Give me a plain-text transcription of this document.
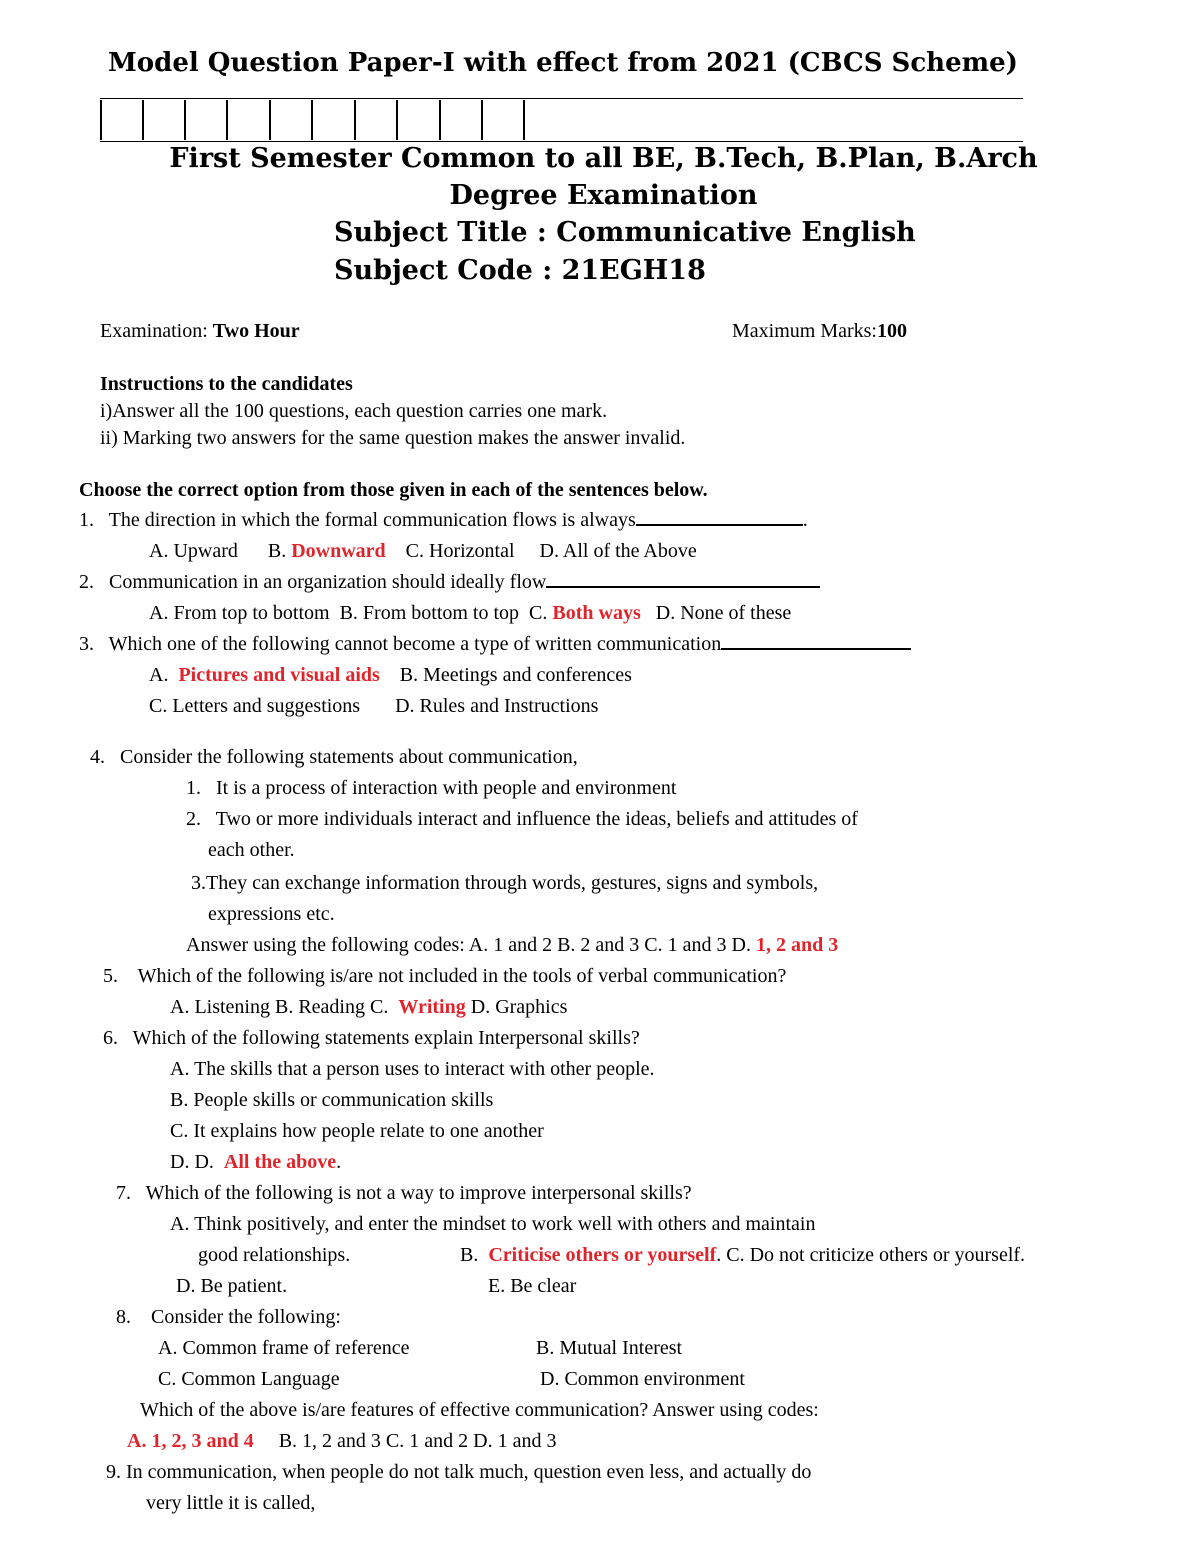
Model Question Paper-I with effect from 2021 (CBCS Scheme)
First Semester Common to all BE, B.Tech, B.Plan, B.Arch
Degree Examination
Subject Title : Communicative English
Subject Code : 21EGH18
Examination: Two Hour	Maximum Marks:100
Instructions to the candidates
i)Answer all the 100 questions, each question carries one mark.
ii) Marking two answers for the same question makes the answer invalid.
Choose the correct option from those given in each of the sentences below.
1. The direction in which the formal communication flows is always	.
A. Upward B. Downward C. Horizontal D. All of the Above
2. Communication in an organization should ideally flow
A. From top to bottom B. From bottom to top C. Both ways D. None of these
3. Which one of the following cannot become a type of written communication
A. Pictures and visual aids B. Meetings and conferences
C. Letters and suggestions D. Rules and Instructions
4. Consider the following statements about communication,
1. It is a process of interaction with people and environment
2. Two or more individuals interact and influence the ideas, beliefs and attitudes of
each other.
3.They can exchange information through words, gestures, signs and symbols,
expressions etc.
Answer using the following codes: A. 1 and 2 B. 2 and 3 C. 1 and 3 D. 1, 2 and 3
5. Which of the following is/are not included in the tools of verbal communication?
A. Listening B. Reading C. Writing D. Graphics
6. Which of the following statements explain Interpersonal skills?
A. The skills that a person uses to interact with other people.
B. People skills or communication skills
C. It explains how people relate to one another
D. D. All the above.
7. Which of the following is not a way to improve interpersonal skills?
A. Think positively, and enter the mindset to work well with others and maintain
good relationships.	B. Criticise others or yourself. C. Do not criticize others or yourself.
D. Be patient.	E. Be clear
8. Consider the following:
A. Common frame of reference	B. Mutual Interest
C. Common Language	D. Common environment
Which of the above is/are features of effective communication? Answer using codes:
A. 1, 2, 3 and 4 B. 1, 2 and 3 C. 1 and 2 D. 1 and 3
9. In communication, when people do not talk much, question even less, and actually do
very little it is called,
